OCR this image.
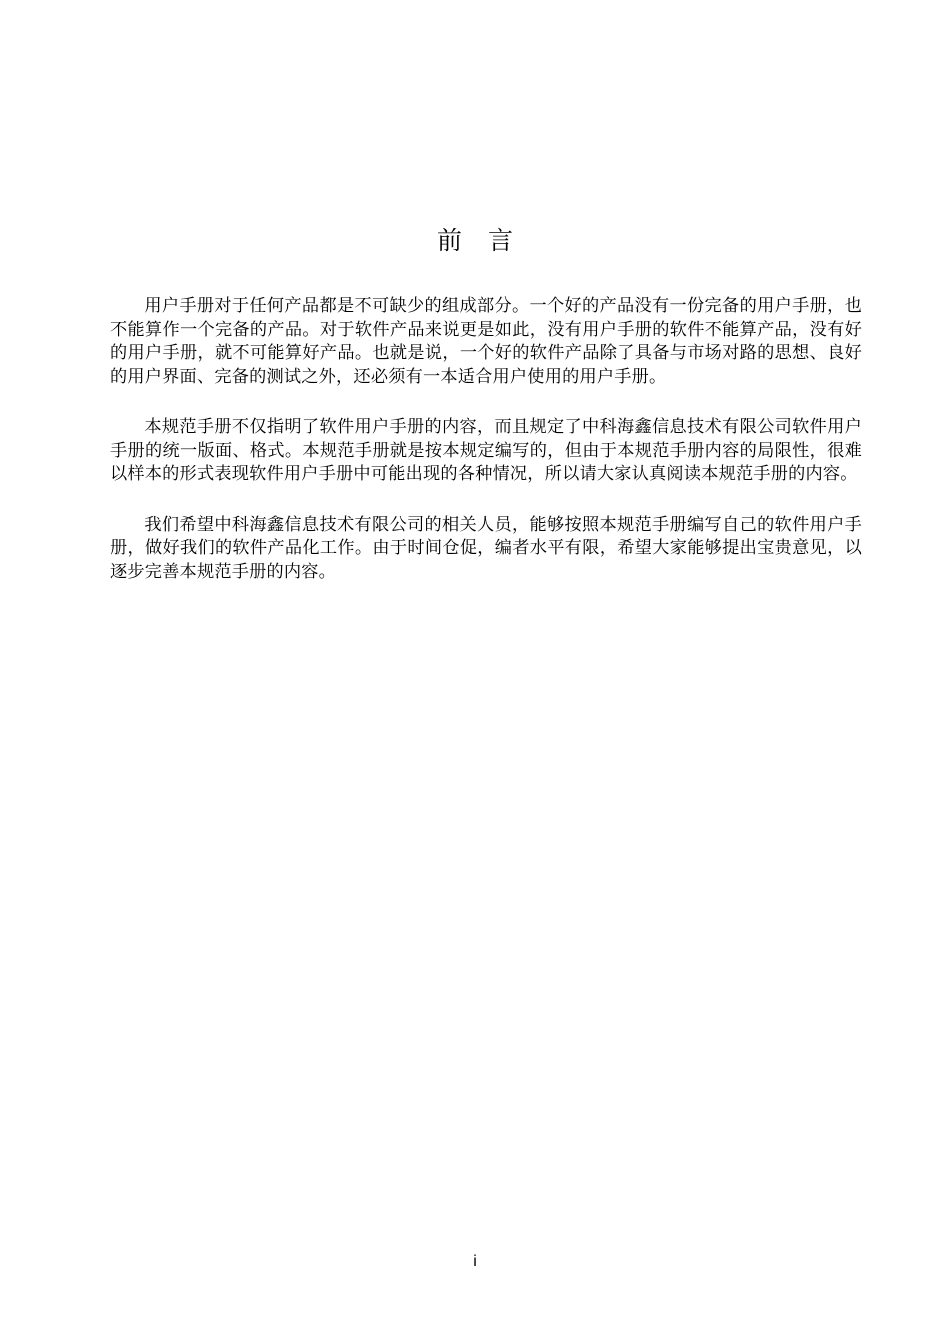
前言

用户手册对于任何产品都是不可缺少的组成部分。一个好的产品没有一份完备的用户手册，也不能算作一个完备的产品。对于软件产品来说更是如此，没有用户手册的软件不能算产品，没有好的用户手册，就不可能算好产品。也就是说，一个好的软件产品除了具备与市场对路的思想、良好的用户界面、完备的测试之外，还必须有一本适合用户使用的用户手册。

本规范手册不仅指明了软件用户手册的内容，而且规定了中科海鑫信息技术有限公司软件用户手册的统一版面、格式。本规范手册就是按本规定编写的，但由于本规范手册内容的局限性，很难以样本的形式表现软件用户手册中可能出现的各种情况，所以请大家认真阅读本规范手册的内容。

我们希望中科海鑫信息技术有限公司的相关人员，能够按照本规范手册编写自己的软件用户手册，做好我们的软件产品化工作。由于时间仓促，编者水平有限，希望大家能够提出宝贵意见，以逐步完善本规范手册的内容。

i
